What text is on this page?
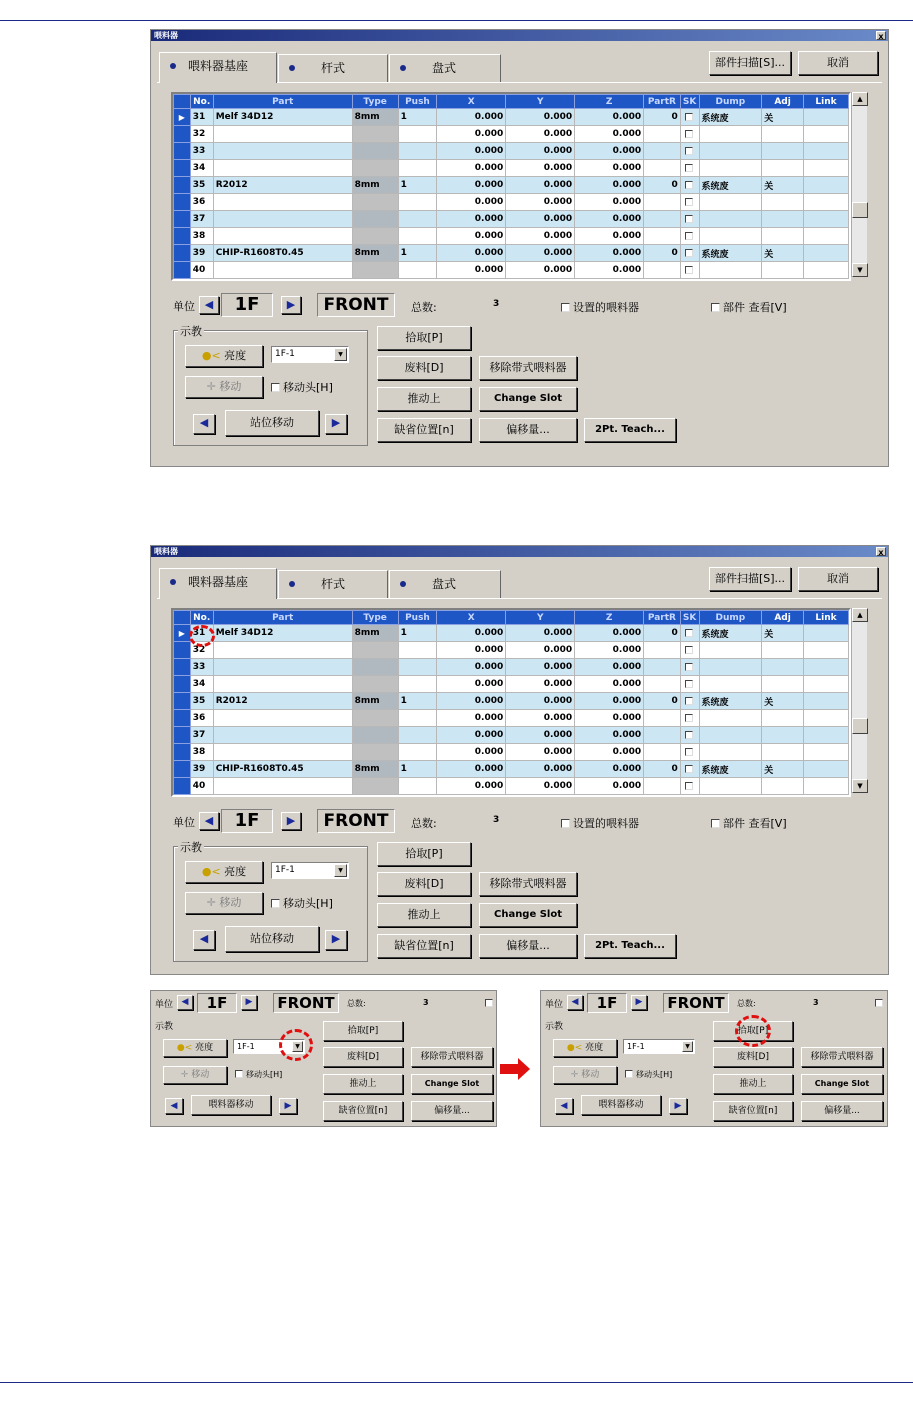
喂料器	x
喂料器基座	杆式	盘式	部件扫描[S]...	取消
	No.	Part	Type	Push	X	Y	Z	PartR	SK	Dump	Adj	Link
▶	31	Melf 34D12	8mm	1	0.000	0.000	0.000	0		系统废	关	
	32				0.000	0.000	0.000					
	33				0.000	0.000	0.000					
	34				0.000	0.000	0.000					
	35	R2012	8mm	1	0.000	0.000	0.000	0		系统废	关	
	36				0.000	0.000	0.000					
	37				0.000	0.000	0.000					
	38				0.000	0.000	0.000					
	39	CHIP-R1608T0.45	8mm	1	0.000	0.000	0.000	0		系统废	关	
	40				0.000	0.000	0.000					
▲
▼
单位 ◀	1F	▶	FRONT	总数:	3	设置的喂料器	部件 查看[V]
示教
●< 亮度	1F-1	▼
✛ 移动	移动头[H]
◀	站位移动	▶
拾取[P]
废料[D]	移除带式喂料器
推动上	Change Slot
缺省位置[n]	偏移量...	2Pt. Teach...
喂料器	x
喂料器基座	杆式	盘式	部件扫描[S]...	取消
	No.	Part	Type	Push	X	Y	Z	PartR	SK	Dump	Adj	Link
▶	31	Melf 34D12	8mm	1	0.000	0.000	0.000	0		系统废	关	
	32				0.000	0.000	0.000					
	33				0.000	0.000	0.000					
	34				0.000	0.000	0.000					
	35	R2012	8mm	1	0.000	0.000	0.000	0		系统废	关	
	36				0.000	0.000	0.000					
	37				0.000	0.000	0.000					
	38				0.000	0.000	0.000					
	39	CHIP-R1608T0.45	8mm	1	0.000	0.000	0.000	0		系统废	关	
	40				0.000	0.000	0.000					
▲
▼
单位 ◀	1F	▶	FRONT	总数:	3	设置的喂料器	部件 查看[V]
示教
●< 亮度	1F-1	▼
✛ 移动	移动头[H]
◀	站位移动	▶
拾取[P]
废料[D]	移除带式喂料器
推动上	Change Slot
缺省位置[n]	偏移量...	2Pt. Teach...
单位 ◀	1F	▶	FRONT	总数:	3
示教
●< 亮度	1F-1	▼
✛ 移动	移动头[H]
◀	喂料器移动	▶
拾取[P]
废料[D]	移除带式喂料器
推动上	Change Slot
缺省位置[n]	偏移量...
单位 ◀	1F	▶	FRONT	总数:	3
示教
●< 亮度	1F-1	▼
✛ 移动	移动头[H]
◀	喂料器移动	▶
拾取[P]
废料[D]	移除带式喂料器
推动上	Change Slot
缺省位置[n]	偏移量...
